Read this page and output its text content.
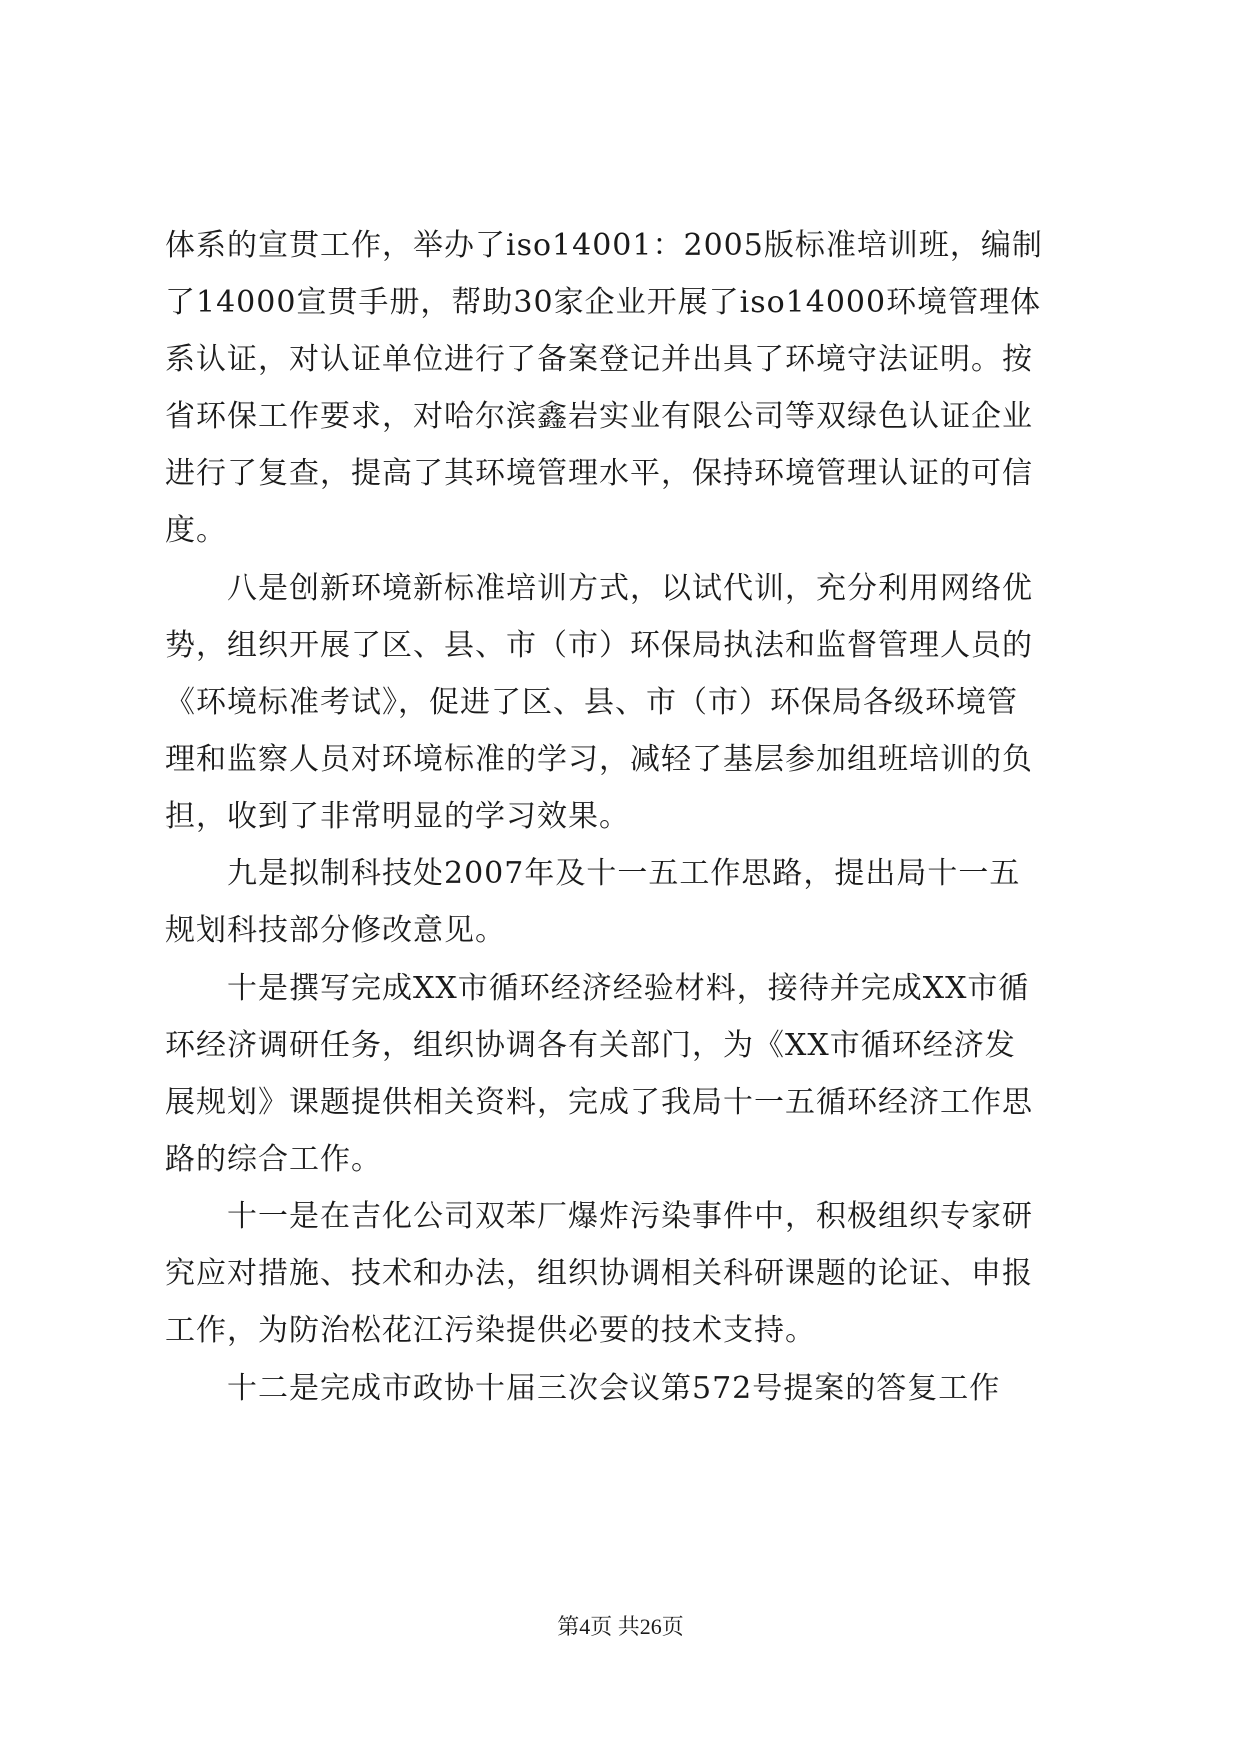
体系的宣贯工作，举办了iso14001：2005版标准培训班，编制
了14000宣贯手册，帮助30家企业开展了iso14000环境管理体
系认证，对认证单位进行了备案登记并出具了环境守法证明。按
省环保工作要求，对哈尔滨鑫岩实业有限公司等双绿色认证企业
进行了复查，提高了其环境管理水平，保持环境管理认证的可信
度。
　　八是创新环境新标准培训方式，以试代训，充分利用网络优
势，组织开展了区、县、市（市）环保局执法和监督管理人员的
《环境标准考试》，促进了区、县、市（市）环保局各级环境管
理和监察人员对环境标准的学习，减轻了基层参加组班培训的负
担，收到了非常明显的学习效果。
　　九是拟制科技处2007年及十一五工作思路，提出局十一五
规划科技部分修改意见。
　　十是撰写完成XX市循环经济经验材料，接待并完成XX市循
环经济调研任务，组织协调各有关部门，为《XX市循环经济发
展规划》课题提供相关资料，完成了我局十一五循环经济工作思
路的综合工作。
　　十一是在吉化公司双苯厂爆炸污染事件中，积极组织专家研
究应对措施、技术和办法，组织协调相关科研课题的论证、申报
工作，为防治松花江污染提供必要的技术支持。
　　十二是完成市政协十届三次会议第572号提案的答复工作
第4页 共26页
